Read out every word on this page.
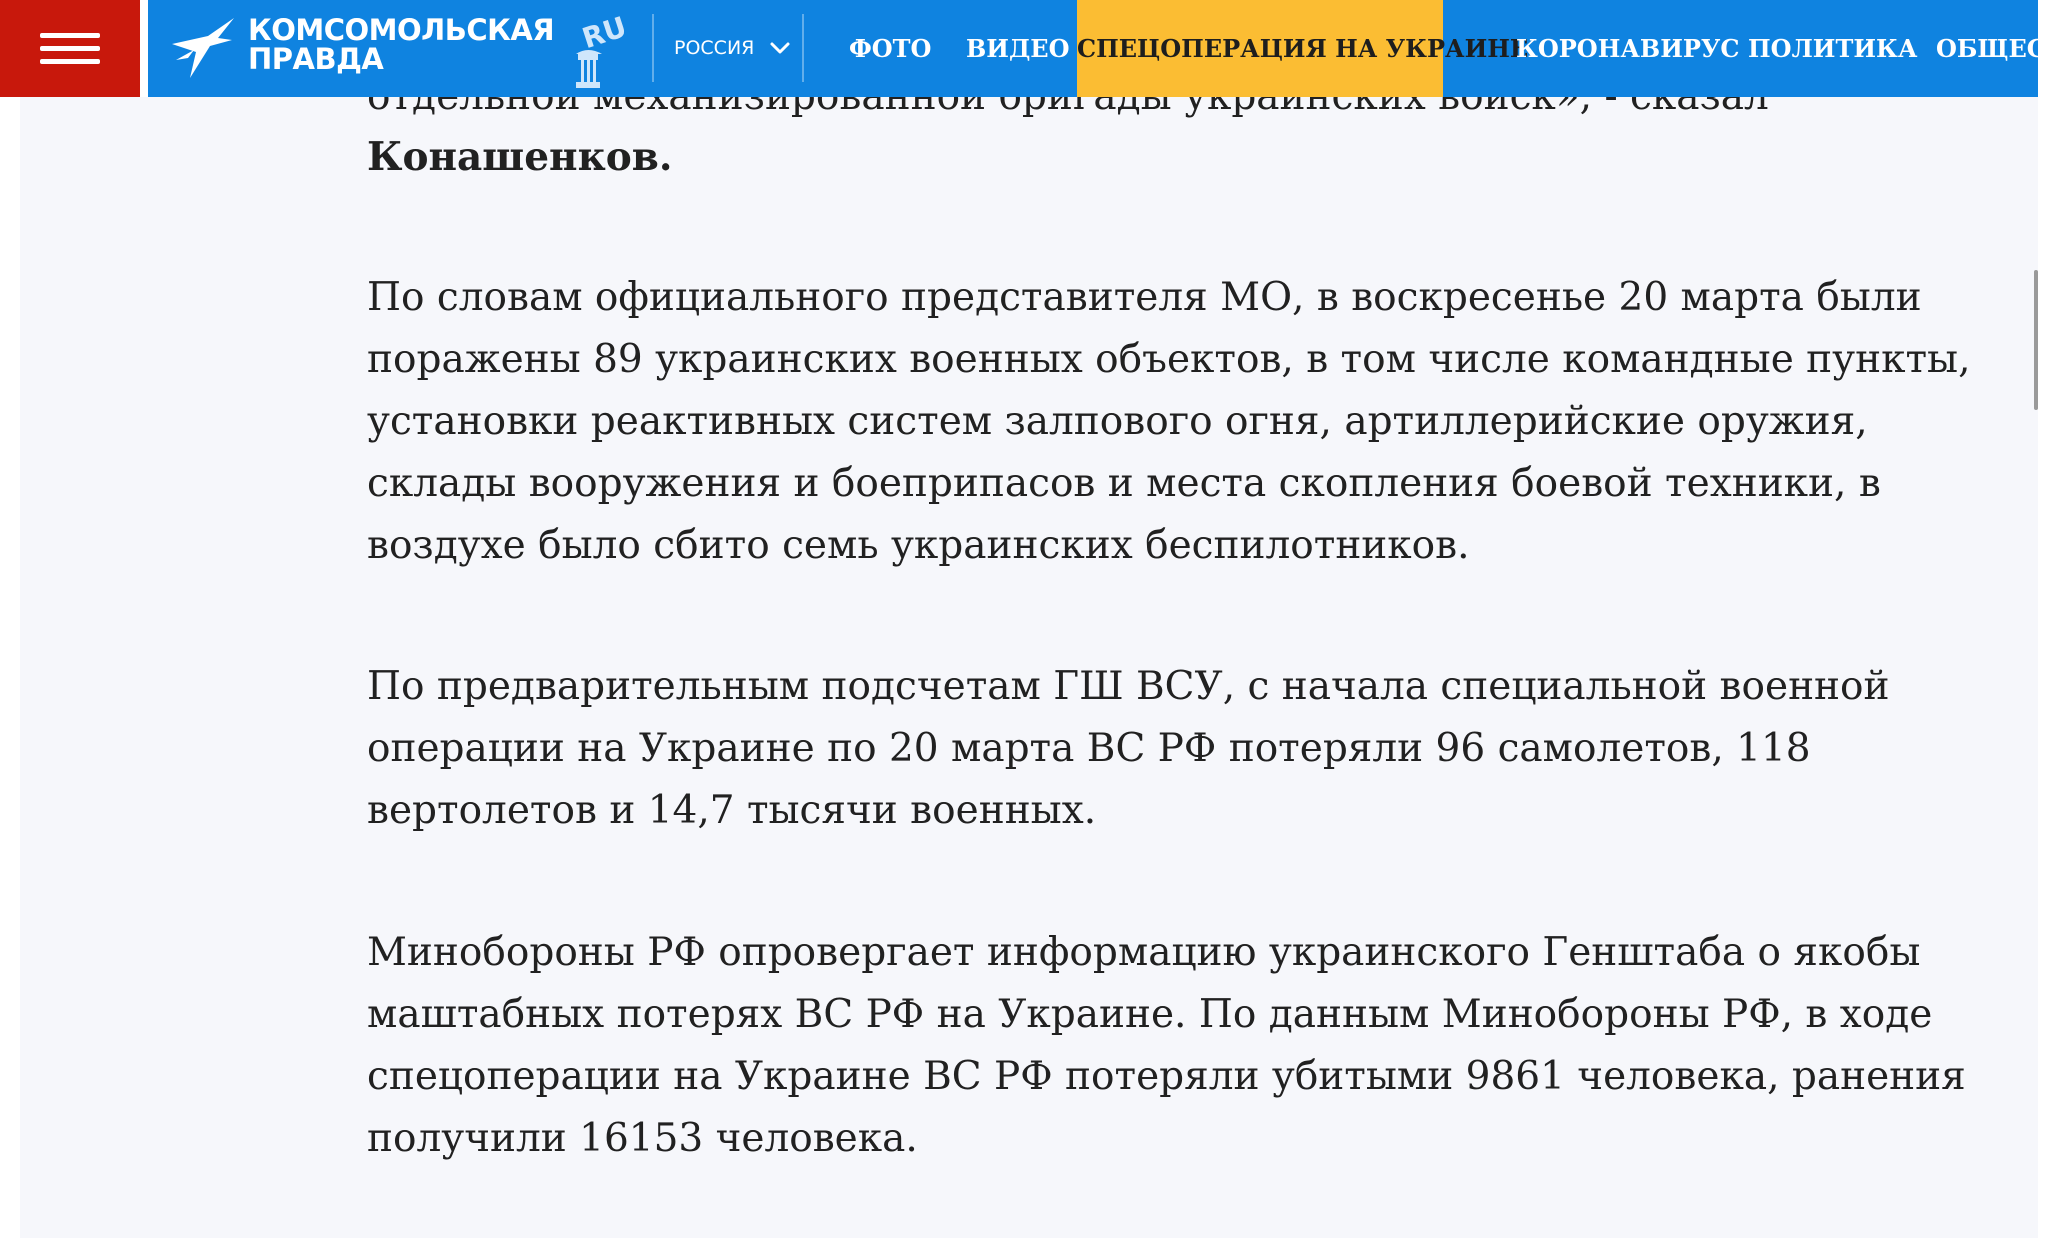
Конашенков.

По словам официального представителя МО, в воскресенье 20 марта были
поражены 89 украинских военных объектов, в том числе командные пункты,
установки реактивных систем залпового огня, артиллерийские оружия,
склады вооружения и боеприпасов и места скопления боевой техники, в
воздухе было сбито семь украинских беспилотников.

По предварительным подсчетам ГШ ВСУ, с начала специальной военной
операции на Украине по 20 марта ВС РФ потеряли 96 самолетов, 118
вертолетов и 14,7 тысячи военных.

Минобороны РФ опровергает информацию украинского Генштаба о якобы
маштабных потерях ВС РФ на Украине. По данным Минобороны РФ, в ходе
спецоперации на Украине ВС РФ потеряли убитыми 9861 человека, ранения
получили 16153 человека.

КОМСОМОЛЬСКАЯ
ПРАВДА
RU РОССИЯ	ФОТО ВИДЕО СПЕЦОПЕРАЦИЯ НА УКРАИНЕ
КОРОНАВИРУС ПОЛИТИКА ОБЩЕСТ
